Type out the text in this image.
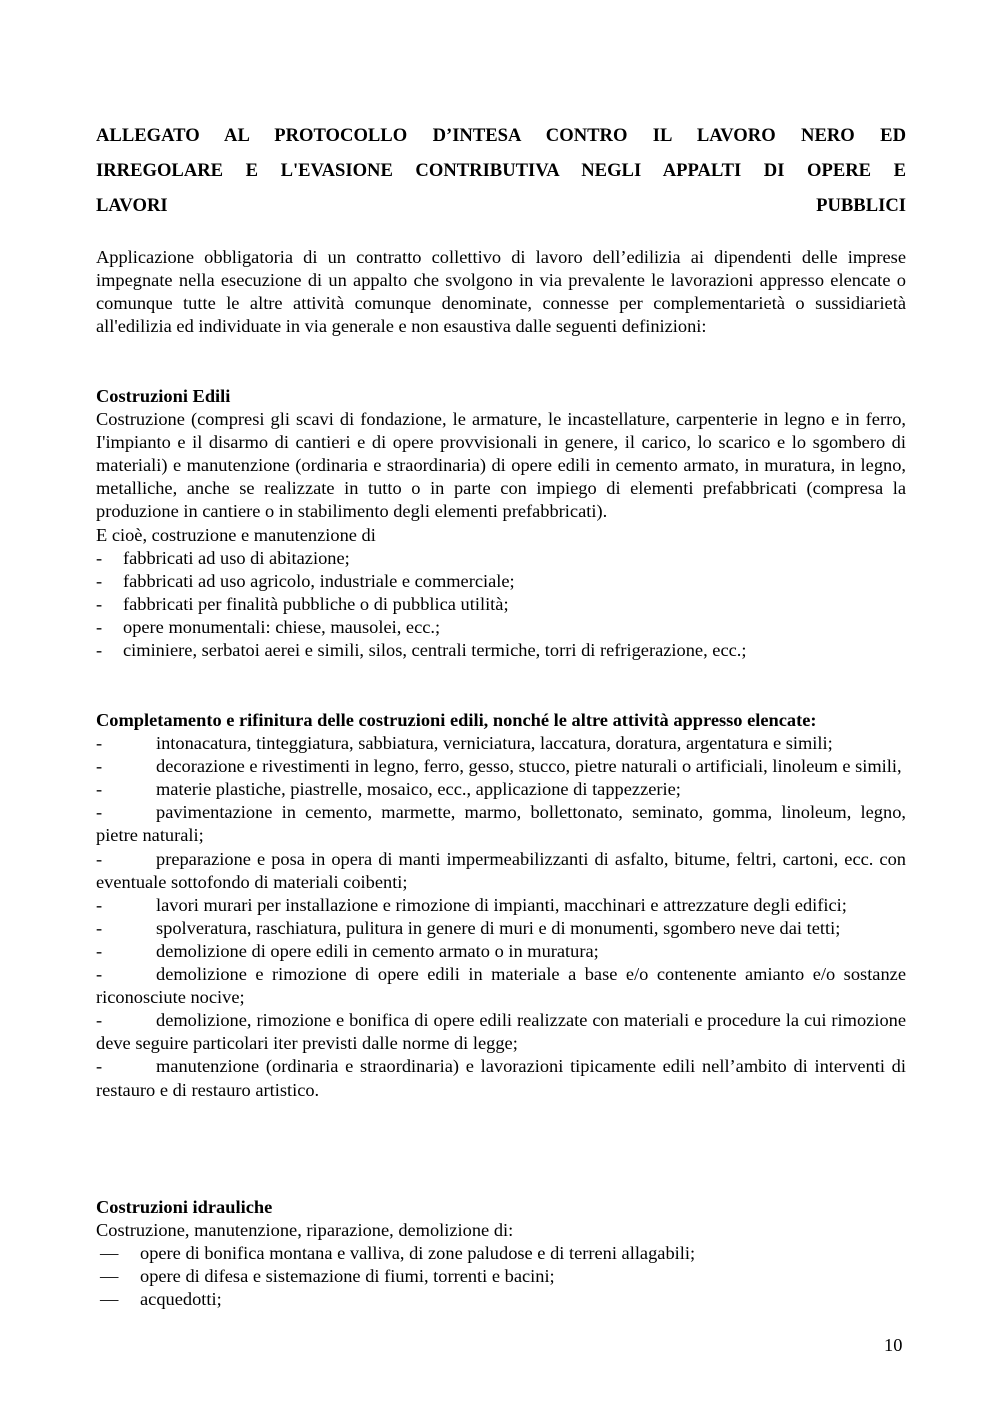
ALLEGATO AL PROTOCOLLO D’INTESA CONTRO IL LAVORO NERO ED
IRREGOLARE E L'EVASIONE CONTRIBUTIVA NEGLI APPALTI DI OPERE E
LAVORI PUBBLICI

Applicazione obbligatoria di un contratto collettivo di lavoro dell’edilizia ai dipendenti delle imprese impegnate nella esecuzione di un appalto che svolgono in via prevalente le lavorazioni appresso elencate o comunque tutte le altre attività comunque denominate, connesse per complementarietà o sussidiarietà all'edilizia ed individuate in via generale e non esaustiva dalle seguenti definizioni:

Costruzioni Edili
Costruzione (compresi gli scavi di fondazione, le armature, le incastellature, carpenterie in legno e in ferro, I'impianto e il disarmo di cantieri e di opere provvisionali in genere, il carico, lo scarico e lo sgombero di materiali) e manutenzione (ordinaria e straordinaria) di opere edili in cemento armato, in muratura, in legno, metalliche, anche se realizzate in tutto o in parte con impiego di elementi prefabbricati (compresa la produzione in cantiere o in stabilimento degli elementi prefabbricati).
E cioè, costruzione e manutenzione di
- fabbricati ad uso di abitazione;
- fabbricati ad uso agricolo, industriale e commerciale;
- fabbricati per finalità pubbliche o di pubblica utilità;
- opere monumentali: chiese, mausolei, ecc.;
- ciminiere, serbatoi aerei e simili, silos, centrali termiche, torri di refrigerazione, ecc.;
Completamento e rifinitura delle costruzioni edili, nonché le altre attività appresso elencate:
-	intonacatura, tinteggiatura, sabbiatura, verniciatura, laccatura, doratura, argentatura e simili;
-	decorazione e rivestimenti in legno, ferro, gesso, stucco, pietre naturali o artificiali, linoleum e simili,
-	materie plastiche, piastrelle, mosaico, ecc., applicazione di tappezzerie;
-	pavimentazione in cemento, marmette, marmo, bollettonato, seminato, gomma, linoleum, legno, pietre naturali;
-	preparazione e posa in opera di manti impermeabilizzanti di asfalto, bitume, feltri, cartoni, ecc. con eventuale sottofondo di materiali coibenti;
-	lavori murari per installazione e rimozione di impianti, macchinari e attrezzature degli edifici;
-	spolveratura, raschiatura, pulitura in genere di muri e di monumenti, sgombero neve dai tetti;
-	demolizione di opere edili in cemento armato o in muratura;
-	demolizione e rimozione di opere edili in materiale a base e/o contenente amianto e/o sostanze riconosciute nocive;
-	demolizione, rimozione e bonifica di opere edili realizzate con materiali e procedure la cui rimozione deve seguire particolari iter previsti dalle norme di legge;
-	manutenzione (ordinaria e straordinaria) e lavorazioni tipicamente edili nell’ambito di interventi di restauro e di restauro artistico.
Costruzioni idrauliche
Costruzione, manutenzione, riparazione, demolizione di:
— opere di bonifica montana e valliva, di zone paludose e di terreni allagabili;
— opere di difesa e sistemazione di fiumi, torrenti e bacini;
— acquedotti;
10
